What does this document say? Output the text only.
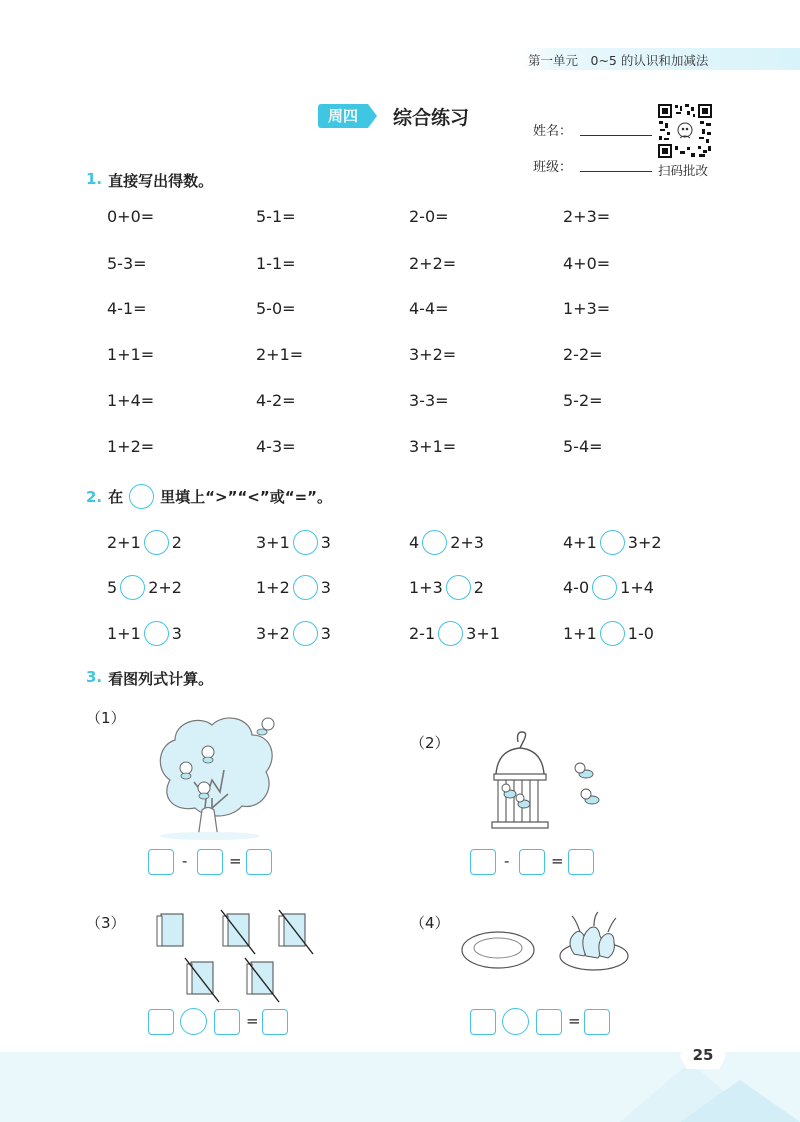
第一单元　0~5 的认识和加减法
周四	综合练习
姓名：
班级：	扫码批改
1. 直接写出得数。
0+0=	5-1=	2-0=	2+3=
5-3=	1-1=	2+2=	4+0=
4-1=	5-0=	4-4=	1+3=
1+1=	2+1=	3+2=	2-2=
1+4=	4-2=	3-3=	5-2=
1+2=	4-3=	3+1=	5-4=
2. 在 里填上“>”“<”或“=”。
2+1 2	3+1 3	4 2+3	4+1 3+2
5 2+2	1+2 3	1+3 2	4-0 1+4
1+1 3	3+2 3	2-1 3+1	1+1 1-0
3. 看图列式计算。
（1）
-	=
（2）
-	=
（3）
=
（4）
=
25
